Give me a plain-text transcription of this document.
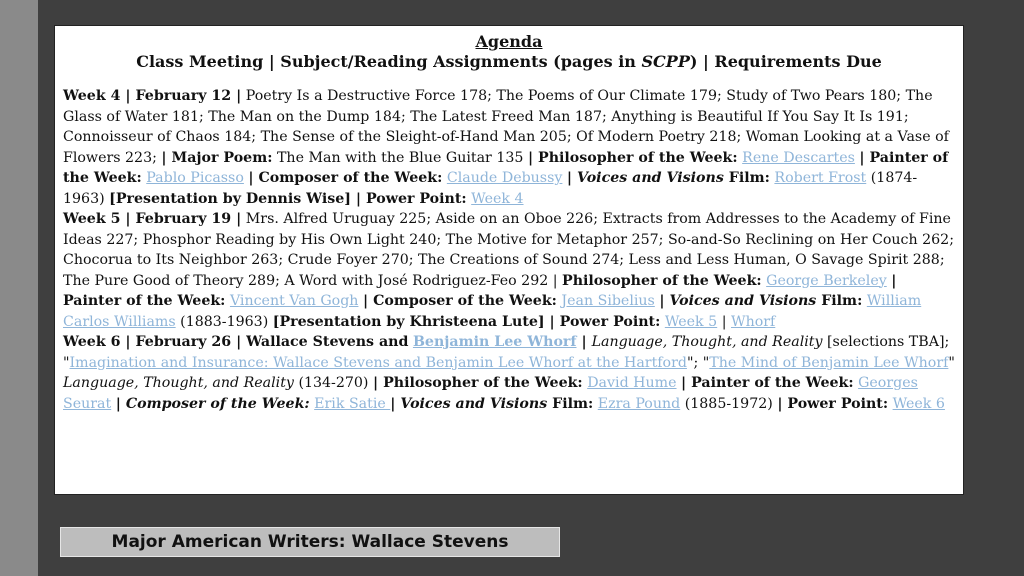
Agenda
Class Meeting | Subject/Reading Assignments (pages in SCPP) | Requirements Due

Week 4 | February 12 | Poetry Is a Destructive Force 178; The Poems of Our Climate 179; Study of Two Pears 180; The Glass of Water 181; The Man on the Dump 184; The Latest Freed Man 187; Anything is Beautiful If You Say It Is 191; Connoisseur of Chaos 184; The Sense of the Sleight-of-Hand Man 205; Of Modern Poetry 218; Woman Looking at a Vase of Flowers 223; | Major Poem: The Man with the Blue Guitar 135 | Philosopher of the Week: Rene Descartes | Painter of the Week: Pablo Picasso | Composer of the Week: Claude Debussy | Voices and Visions Film: Robert Frost (1874-1963) [Presentation by Dennis Wise] | Power Point: Week 4

Week 5 | February 19 | Mrs. Alfred Uruguay 225; Aside on an Oboe 226; Extracts from Addresses to the Academy of Fine Ideas 227; Phosphor Reading by His Own Light 240; The Motive for Metaphor 257; So-and-So Reclining on Her Couch 262; Chocorua to Its Neighbor 263; Crude Foyer 270; The Creations of Sound 274; Less and Less Human, O Savage Spirit 288; The Pure Good of Theory 289; A Word with José Rodriguez-Feo 292 | Philosopher of the Week: George Berkeley | Painter of the Week: Vincent Van Gogh | Composer of the Week: Jean Sibelius | Voices and Visions Film: William Carlos Williams (1883-1963) [Presentation by Khristeena Lute] | Power Point: Week 5 | Whorf

Week 6 | February 26 | Wallace Stevens and Benjamin Lee Whorf | Language, Thought, and Reality [selections TBA]; "Imagination and Insurance: Wallace Stevens and Benjamin Lee Whorf at the Hartford"; "The Mind of Benjamin Lee Whorf" Language, Thought, and Reality (134-270) | Philosopher of the Week: David Hume | Painter of the Week: Georges Seurat | Composer of the Week: Erik Satie | Voices and Visions Film: Ezra Pound (1885-1972) | Power Point: Week 6

Major American Writers: Wallace Stevens
